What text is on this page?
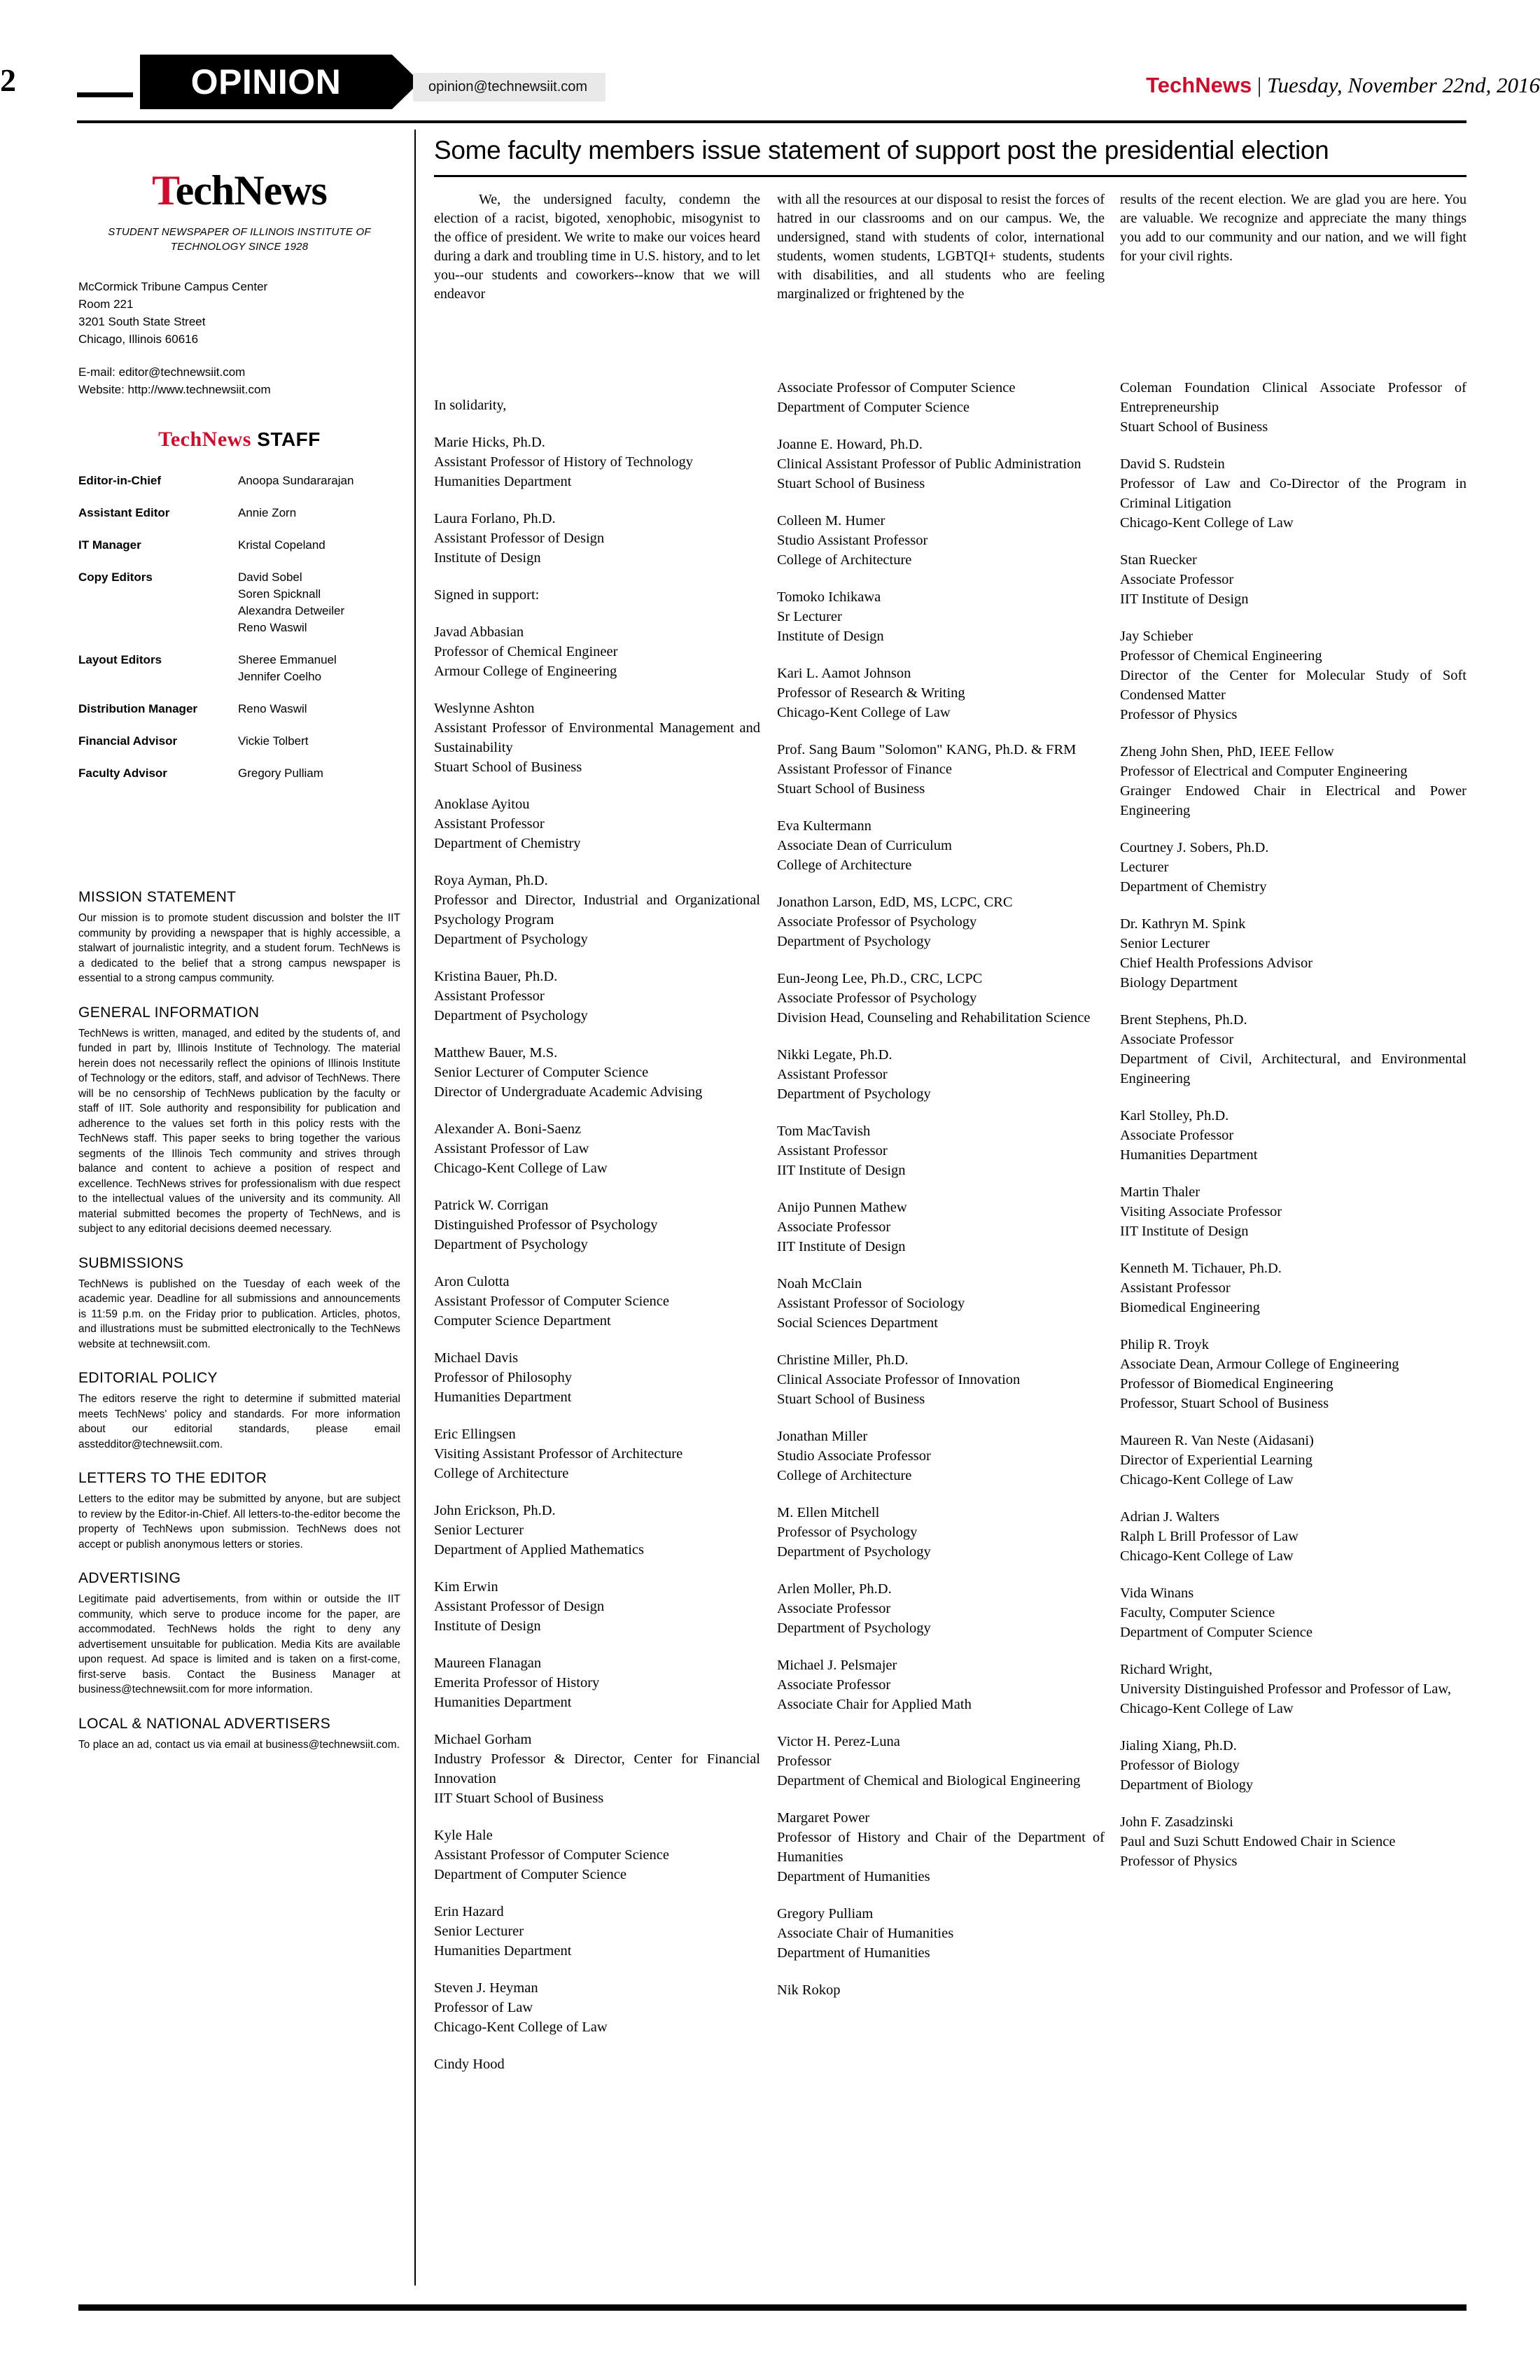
2	OPINION	opinion@technewsiit.com	TechNews | Tuesday, November 22nd, 2016
TechNews
STUDENT NEWSPAPER OF ILLINOIS INSTITUTE OF TECHNOLOGY SINCE 1928
McCormick Tribune Campus Center
Room 221
3201 South State Street
Chicago, Illinois 60616
E-mail: editor@technewsiit.com
Website: http://www.technewsiit.com
TechNews STAFF
Editor-in-Chief	Anoopa Sundararajan

Assistant Editor	Annie Zorn

IT Manager	Kristal Copeland

Copy Editors	David Sobel
Soren Spicknall
Alexandra Detweiler
Reno Waswil

Layout Editors	Sheree Emmanuel
Jennifer Coelho

Distribution Manager	Reno Waswil

Financial Advisor	Vickie Tolbert

Faculty Advisor	Gregory Pulliam
MISSION STATEMENT
Our mission is to promote student discussion and bolster the IIT community by providing a newspaper that is highly accessible, a stalwart of journalistic integrity, and a student forum. TechNews is a dedicated to the belief that a strong campus newspaper is essential to a strong campus community.
GENERAL INFORMATION
TechNews is written, managed, and edited by the students of, and funded in part by, Illinois Institute of Technology. The material herein does not necessarily reflect the opinions of Illinois Institute of Technology or the editors, staff, and advisor of TechNews. There will be no censorship of TechNews publication by the faculty or staff of IIT. Sole authority and responsibility for publication and adherence to the values set forth in this policy rests with the TechNews staff. This paper seeks to bring together the various segments of the Illinois Tech community and strives through balance and content to achieve a position of respect and excellence. TechNews strives for professionalism with due respect to the intellectual values of the university and its community. All material submitted becomes the property of TechNews, and is subject to any editorial decisions deemed necessary.
SUBMISSIONS
TechNews is published on the Tuesday of each week of the academic year. Deadline for all submissions and announcements is 11:59 p.m. on the Friday prior to publication. Articles, photos, and illustrations must be submitted electronically to the TechNews website at technewsiit.com.
EDITORIAL POLICY
The editors reserve the right to determine if submitted material meets TechNews' policy and standards. For more information about our editorial standards, please email asstedditor@technewsiit.com.
LETTERS TO THE EDITOR
Letters to the editor may be submitted by anyone, but are subject to review by the Editor-in-Chief. All letters-to-the-editor become the property of TechNews upon submission. TechNews does not accept or publish anonymous letters or stories.
ADVERTISING
Legitimate paid advertisements, from within or outside the IIT community, which serve to produce income for the paper, are accommodated. TechNews holds the right to deny any advertisement unsuitable for publication. Media Kits are available upon request. Ad space is limited and is taken on a first-come, first-serve basis. Contact the Business Manager at business@technewsiit.com for more information.
LOCAL & NATIONAL ADVERTISERS
To place an ad, contact us via email at business@technewsiit.com.
Some faculty members issue statement of support post the presidential election
We, the undersigned faculty, condemn the election of a racist, bigoted, xenophobic, misogynist to the office of president. We write to make our voices heard during a dark and troubling time in U.S. history, and to let you--our students and coworkers--know that we will endeavor
with all the resources at our disposal to resist the forces of hatred in our classrooms and on our campus. We, the undersigned, stand with students of color, international students, women students, LGBTQI+ students, students with disabilities, and all students who are feeling marginalized or frightened by the
results of the recent election. We are glad you are here. You are valuable. We recognize and appreciate the many things you add to our community and our nation, and we will fight for your civil rights.
In solidarity,
Marie Hicks, Ph.D.
Assistant Professor of History of Technology
Humanities Department
Laura Forlano, Ph.D.
Assistant Professor of Design
Institute of Design
Signed in support:
Javad Abbasian
Professor of Chemical Engineer
Armour College of Engineering
Weslynne Ashton
Assistant Professor of Environmental Management and Sustainability
Stuart School of Business
Anoklase Ayitou
Assistant Professor
Department of Chemistry
Roya Ayman, Ph.D.
Professor and Director, Industrial and Organizational Psychology Program
Department of Psychology
Kristina Bauer, Ph.D.
Assistant Professor
Department of Psychology
Matthew Bauer, M.S.
Senior Lecturer of Computer Science
Director of Undergraduate Academic Advising
Alexander A. Boni-Saenz
Assistant Professor of Law
Chicago-Kent College of Law
Patrick W. Corrigan
Distinguished Professor of Psychology
Department of Psychology
Aron Culotta
Assistant Professor of Computer Science
Computer Science Department
Michael Davis
Professor of Philosophy
Humanities Department
Eric Ellingsen
Visiting Assistant Professor of Architecture
College of Architecture
John Erickson, Ph.D.
Senior Lecturer
Department of Applied Mathematics
Kim Erwin
Assistant Professor of Design
Institute of Design
Maureen Flanagan
Emerita Professor of History
Humanities Department
Michael Gorham
Industry Professor & Director, Center for Financial Innovation
IIT Stuart School of Business
Kyle Hale
Assistant Professor of Computer Science
Department of Computer Science
Erin Hazard
Senior Lecturer
Humanities Department
Steven J. Heyman
Professor of Law
Chicago-Kent College of Law
Cindy Hood
Associate Professor of Computer Science
Department of Computer Science
Joanne E. Howard, Ph.D.
Clinical Assistant Professor of Public Administration
Stuart School of Business
Colleen M. Humer
Studio Assistant Professor
College of Architecture
Tomoko Ichikawa
Sr Lecturer
Institute of Design
Kari L. Aamot Johnson
Professor of Research & Writing
Chicago-Kent College of Law
Prof. Sang Baum "Solomon" KANG, Ph.D. & FRM
Assistant Professor of Finance
Stuart School of Business
Eva Kultermann
Associate Dean of Curriculum
College of Architecture
Jonathon Larson, EdD, MS, LCPC, CRC
Associate Professor of Psychology
Department of Psychology
Eun-Jeong Lee, Ph.D., CRC, LCPC
Associate Professor of Psychology
Division Head, Counseling and Rehabilitation Science
Nikki Legate, Ph.D.
Assistant Professor
Department of Psychology
Tom MacTavish
Assistant Professor
IIT Institute of Design
Anijo Punnen Mathew
Associate Professor
IIT Institute of Design
Noah McClain
Assistant Professor of Sociology
Social Sciences Department
Christine Miller, Ph.D.
Clinical Associate Professor of Innovation
Stuart School of Business
Jonathan Miller
Studio Associate Professor
College of Architecture
M. Ellen Mitchell
Professor of Psychology
Department of Psychology
Arlen Moller, Ph.D.
Associate Professor
Department of Psychology
Michael J. Pelsmajer
Associate Professor
Associate Chair for Applied Math
Victor H. Perez-Luna
Professor
Department of Chemical and Biological Engineering
Margaret Power
Professor of History and Chair of the Department of Humanities
Department of Humanities
Gregory Pulliam
Associate Chair of Humanities
Department of Humanities
Nik Rokop
Coleman Foundation Clinical Associate Professor of Entrepreneurship
Stuart School of Business
David S. Rudstein
Professor of Law and Co-Director of the Program in Criminal Litigation
Chicago-Kent College of Law
Stan Ruecker
Associate Professor
IIT Institute of Design
Jay Schieber
Professor of Chemical Engineering
Director of the Center for Molecular Study of Soft Condensed Matter
Professor of Physics
Zheng John Shen, PhD, IEEE Fellow
Professor of Electrical and Computer Engineering
Grainger Endowed Chair in Electrical and Power Engineering
Courtney J. Sobers, Ph.D.
Lecturer
Department of Chemistry
Dr. Kathryn M. Spink
Senior Lecturer
Chief Health Professions Advisor
Biology Department
Brent Stephens, Ph.D.
Associate Professor
Department of Civil, Architectural, and Environmental Engineering
Karl Stolley, Ph.D.
Associate Professor
Humanities Department
Martin Thaler
Visiting Associate Professor
IIT Institute of Design
Kenneth M. Tichauer, Ph.D.
Assistant Professor
Biomedical Engineering
Philip R. Troyk
Associate Dean, Armour College of Engineering
Professor of Biomedical Engineering
Professor, Stuart School of Business
Maureen R. Van Neste (Aidasani)
Director of Experiential Learning
Chicago-Kent College of Law
Adrian J. Walters
Ralph L Brill Professor of Law
Chicago-Kent College of Law
Vida Winans
Faculty, Computer Science
Department of Computer Science
Richard Wright,
University Distinguished Professor and Professor of Law,
Chicago-Kent College of Law
Jialing Xiang, Ph.D.
Professor of Biology
Department of Biology
John F. Zasadzinski
Paul and Suzi Schutt Endowed Chair in Science
Professor of Physics
